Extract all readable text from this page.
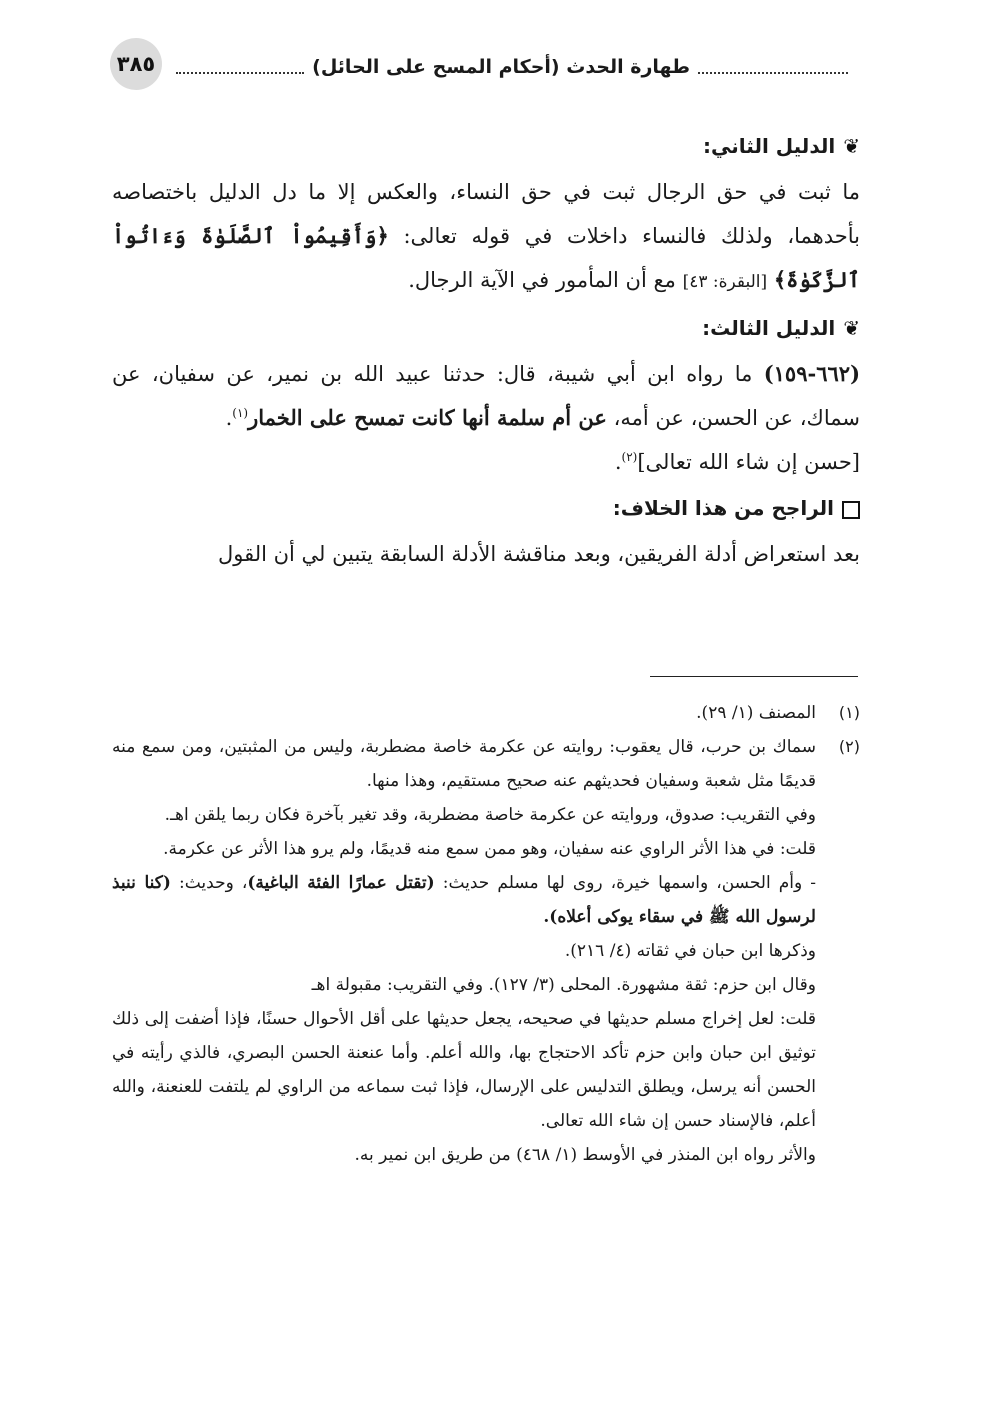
٣٨٥	طهارة الحدث (أحكام المسح على الحائل)

❦الدليل الثاني:

ما ثبت في حق الرجال ثبت في حق النساء، والعكس إلا ما دل الدليل باختصاصه بأحدهما، ولذلك فالنساء داخلات في قوله تعالى: ﴿وَأَقِيمُواْ ٱلصَّلَوٰةَ وَءَاتُواْ ٱلزَّكَوٰةَ﴾ [البقرة: ٤٣] مع أن المأمور في الآية الرجال.

❦الدليل الثالث:

(٦٦٢-١٥٩) ما رواه ابن أبي شيبة، قال: حدثنا عبيد الله بن نمير، عن سفيان، عن سماك، عن الحسن، عن أمه، عن أم سلمة أنها كانت تمسح على الخمار$^{(١)}$.

[حسن إن شاء الله تعالى]$^{(٢)}$.

الراجح من هذا الخلاف:

بعد استعراض أدلة الفريقين، وبعد مناقشة الأدلة السابقة يتبين لي أن القول

(١)

المصنف (١/ ٢٩).

(٢)

سماك بن حرب، قال يعقوب: روايته عن عكرمة خاصة مضطربة، وليس من المثبتين، ومن سمع منه قديمًا مثل شعبة وسفيان فحديثهم عنه صحيح مستقيم، وهذا منها.

وفي التقريب: صدوق، وروايته عن عكرمة خاصة مضطربة، وقد تغير بآخرة فكان ربما يلقن اهـ.

قلت: في هذا الأثر الراوي عنه سفيان، وهو ممن سمع منه قديمًا، ولم يرو هذا الأثر عن عكرمة.

- وأم الحسن، واسمها خيرة، روى لها مسلم حديث: (تقتل عمارًا الفئة الباغية)، وحديث: (كنا ننبذ لرسول الله ﷺ في سقاء يوكى أعلاه).

وذكرها ابن حبان في ثقاته (٤/ ٢١٦).

وقال ابن حزم: ثقة مشهورة. المحلى (٣/ ١٢٧). وفي التقريب: مقبولة اهـ

قلت: لعل إخراج مسلم حديثها في صحيحه، يجعل حديثها على أقل الأحوال حسنًا، فإذا أضفت إلى ذلك توثيق ابن حبان وابن حزم تأكد الاحتجاج بها، والله أعلم. وأما عنعنة الحسن البصري، فالذي رأيته في الحسن أنه يرسل، ويطلق التدليس على الإرسال، فإذا ثبت سماعه من الراوي لم يلتفت للعنعنة، والله أعلم، فالإسناد حسن إن شاء الله تعالى.

والأثر رواه ابن المنذر في الأوسط (١/ ٤٦٨) من طريق ابن نمير به.
